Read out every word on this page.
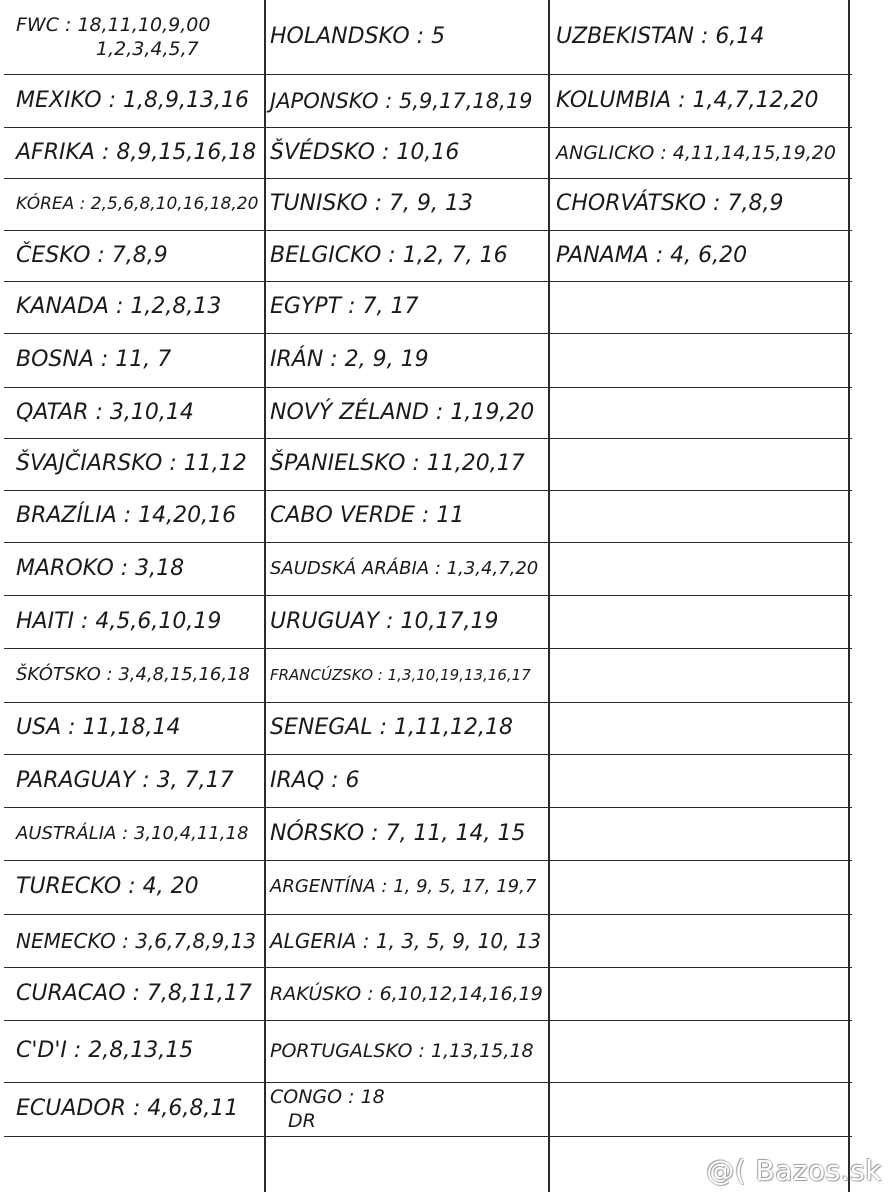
FWC : 18,11,10,9,00
1,2,3,4,5,7	HOLANDSKO : 5	UZBEKISTAN : 6,14
MEXIKO : 1,8,9,13,16 JAPONSKO : 5,9,17,18,19 KOLUMBIA : 1,4,7,12,20
AFRIKA : 8,9,15,16,18 ŠVÉDSKO : 10,16	ANGLICKO : 4,11,14,15,19,20
KÓREA : 2,5,6,8,10,16,18,20 TUNISKO : 7, 9, 13	CHORVÁTSKO : 7,8,9
ČESKO : 7,8,9	BELGICKO : 1,2, 7, 16 PANAMA : 4, 6,20
KANADA : 1,2,8,13 EGYPT : 7, 17
BOSNA : 11, 7	IRÁN : 2, 9, 19
QATAR : 3,10,14	NOVÝ ZÉLAND : 1,19,20
ŠVAJČIARSKO : 11,12 ŠPANIELSKO : 11,20,17
BRAZÍLIA : 14,20,16 CABO VERDE : 11
MAROKO : 3,18	SAUDSKÁ ARÁBIA : 1,3,4,7,20
HAITI : 4,5,6,10,19 URUGUAY : 10,17,19
ŠKÓTSKO : 3,4,8,15,16,18 FRANCÚZSKO : 1,3,10,19,13,16,17
USA : 11,18,14	SENEGAL : 1,11,12,18
PARAGUAY : 3, 7,17 IRAQ : 6
AUSTRÁLIA : 3,10,4,11,18 NÓRSKO : 7, 11, 14, 15
TURECKO : 4, 20	ARGENTÍNA : 1, 9, 5, 17, 19,7
NEMECKO : 3,6,7,8,9,13 ALGERIA : 1, 3, 5, 9, 10, 13
CURACAO : 7,8,11,17 RAKÚSKO : 6,10,12,14,16,19
C'D'I : 2,8,13,15	PORTUGALSKO : 1,13,15,18
ECUADOR : 4,6,8,11 CONGO : 18
DR
@( Bazos.sk
